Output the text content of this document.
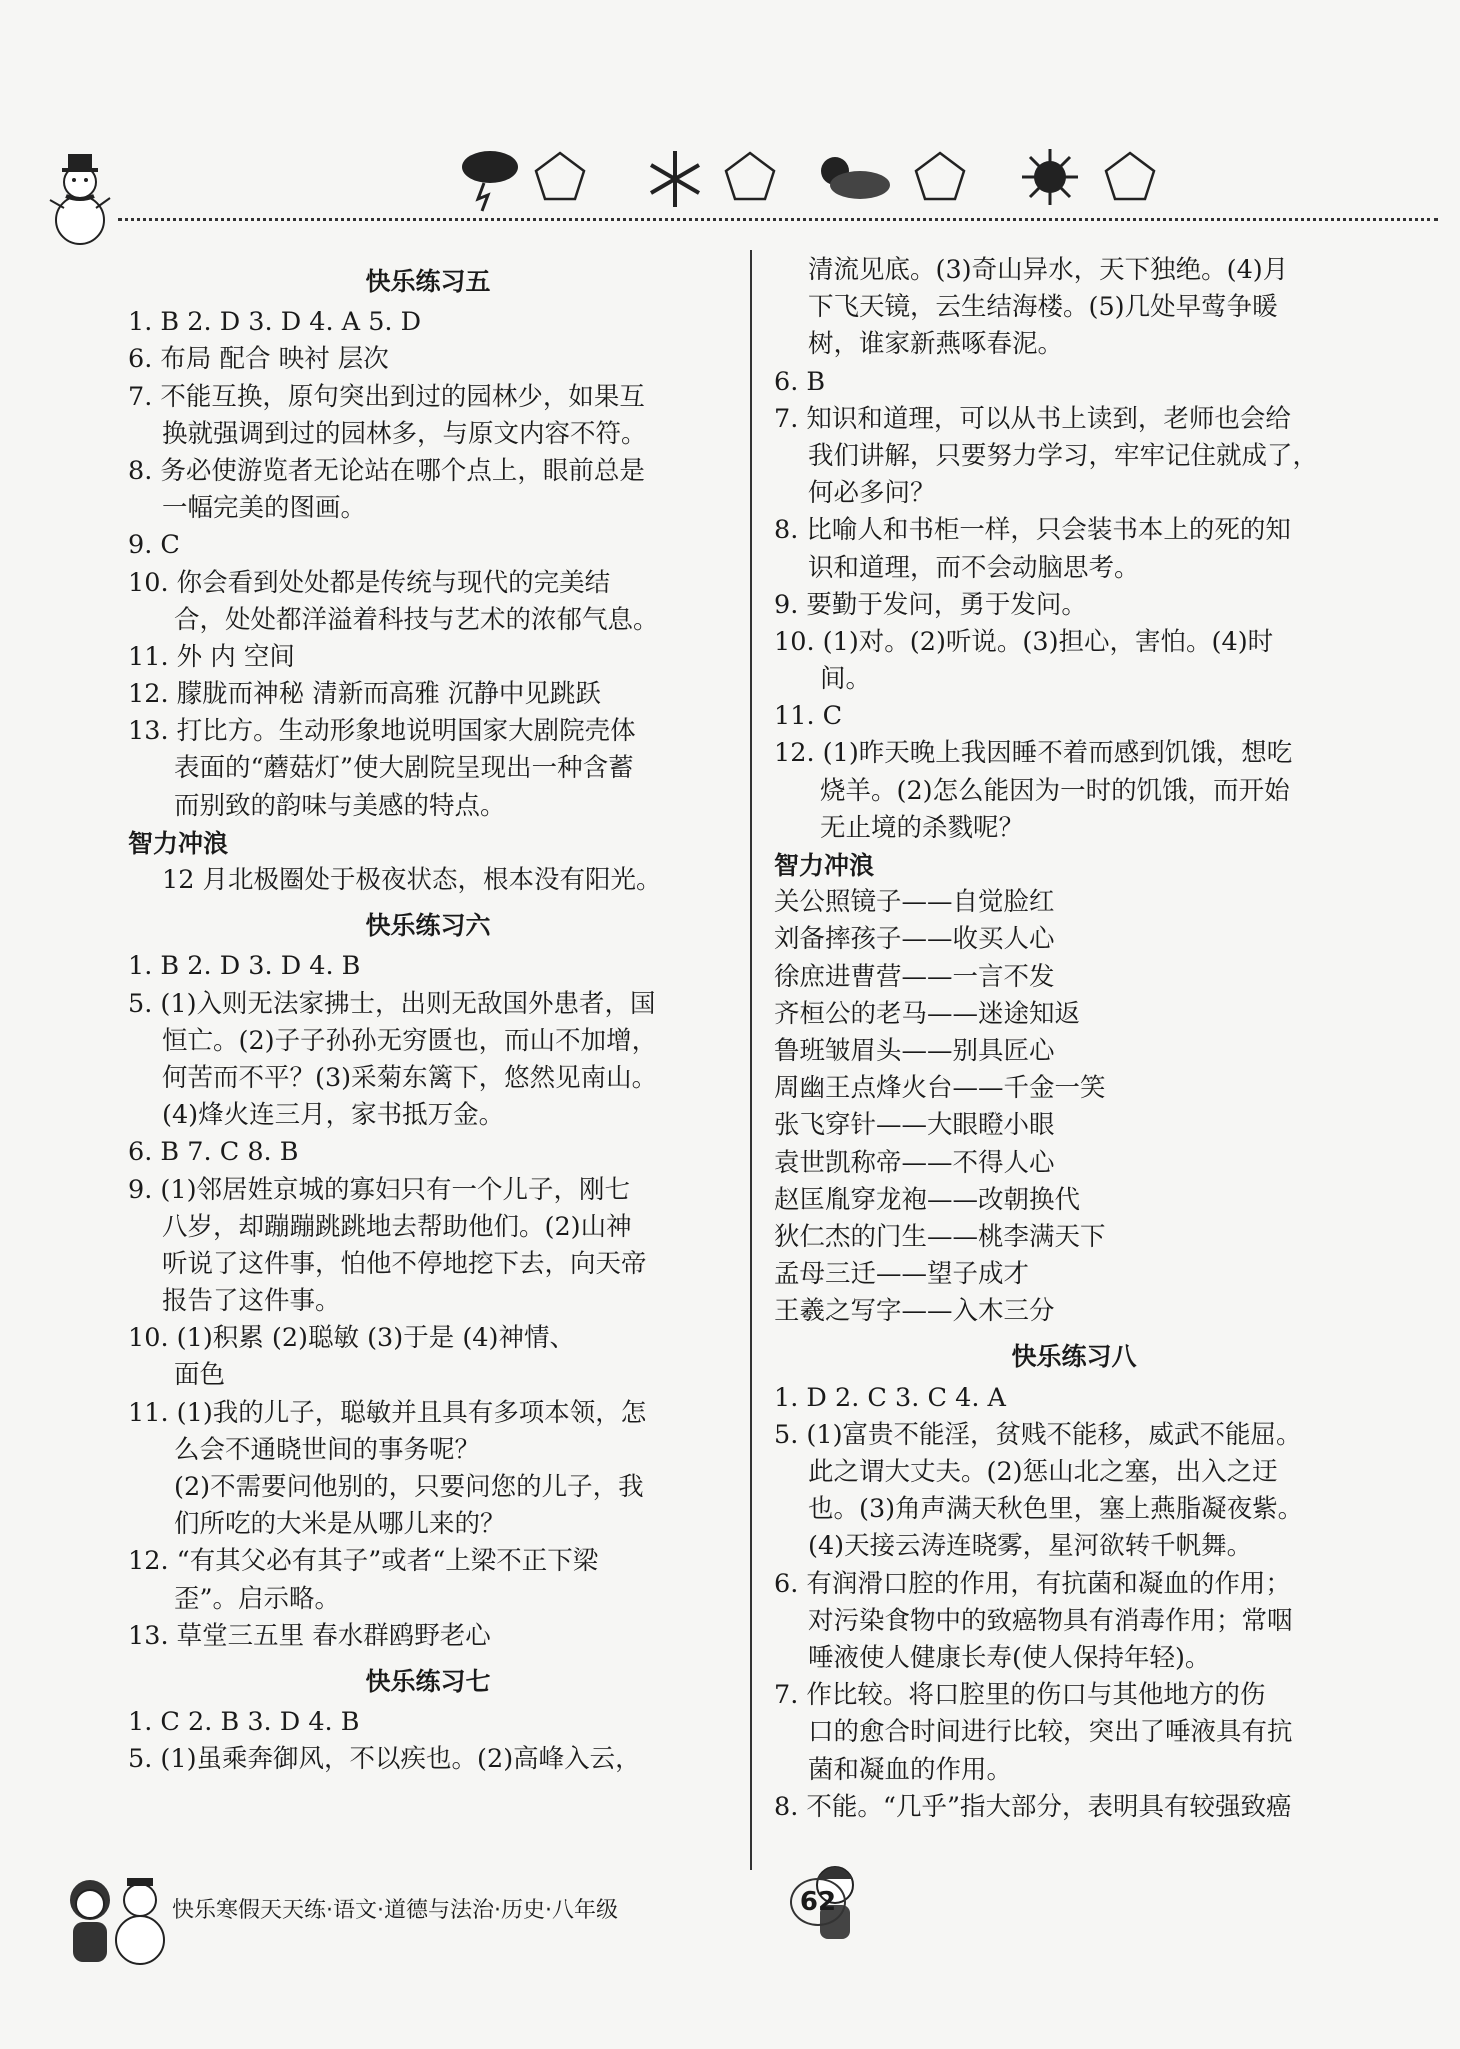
快乐练习五
1. B 2. D 3. D 4. A 5. D
6. 布局 配合 映衬 层次
7. 不能互换，原句突出到过的园林少，如果互
换就强调到过的园林多，与原文内容不符。
8. 务必使游览者无论站在哪个点上，眼前总是
一幅完美的图画。
9. C
10. 你会看到处处都是传统与现代的完美结
合，处处都洋溢着科技与艺术的浓郁气息。
11. 外 内 空间
12. 朦胧而神秘 清新而高雅 沉静中见跳跃
13. 打比方。生动形象地说明国家大剧院壳体
表面的“蘑菇灯”使大剧院呈现出一种含蓄
而别致的韵味与美感的特点。
智力冲浪
12 月北极圈处于极夜状态，根本没有阳光。
快乐练习六
1. B 2. D 3. D 4. B
5. (1)入则无法家拂士，出则无敌国外患者，国
恒亡。(2)子子孙孙无穷匮也，而山不加增，
何苦而不平？(3)采菊东篱下，悠然见南山。
(4)烽火连三月，家书抵万金。
6. B 7. C 8. B
9. (1)邻居姓京城的寡妇只有一个儿子，刚七
八岁，却蹦蹦跳跳地去帮助他们。(2)山神
听说了这件事，怕他不停地挖下去，向天帝
报告了这件事。
10. (1)积累 (2)聪敏 (3)于是 (4)神情、
面色
11. (1)我的儿子，聪敏并且具有多项本领，怎
么会不通晓世间的事务呢？
(2)不需要问他别的，只要问您的儿子，我
们所吃的大米是从哪儿来的？
12. “有其父必有其子”或者“上梁不正下梁
歪”。启示略。
13. 草堂三五里 春水群鸥野老心
快乐练习七
1. C 2. B 3. D 4. B
5. (1)虽乘奔御风，不以疾也。(2)高峰入云，
清流见底。(3)奇山异水，天下独绝。(4)月
下飞天镜，云生结海楼。(5)几处早莺争暖
树，谁家新燕啄春泥。
6. B
7. 知识和道理，可以从书上读到，老师也会给
我们讲解，只要努力学习，牢牢记住就成了，
何必多问？
8. 比喻人和书柜一样，只会装书本上的死的知
识和道理，而不会动脑思考。
9. 要勤于发问，勇于发问。
10. (1)对。(2)听说。(3)担心，害怕。(4)时
间。
11. C
12. (1)昨天晚上我因睡不着而感到饥饿，想吃
烧羊。(2)怎么能因为一时的饥饿，而开始
无止境的杀戮呢？
智力冲浪
关公照镜子——自觉脸红
刘备摔孩子——收买人心
徐庶进曹营——一言不发
齐桓公的老马——迷途知返
鲁班皱眉头——别具匠心
周幽王点烽火台——千金一笑
张飞穿针——大眼瞪小眼
袁世凯称帝——不得人心
赵匡胤穿龙袍——改朝换代
狄仁杰的门生——桃李满天下
孟母三迁——望子成才
王羲之写字——入木三分
快乐练习八
1. D 2. C 3. C 4. A
5. (1)富贵不能淫，贫贱不能移，威武不能屈。
此之谓大丈夫。(2)惩山北之塞，出入之迂
也。(3)角声满天秋色里，塞上燕脂凝夜紫。
(4)天接云涛连晓雾，星河欲转千帆舞。
6. 有润滑口腔的作用，有抗菌和凝血的作用；
对污染食物中的致癌物具有消毒作用；常咽
唾液使人健康长寿(使人保持年轻)。
7. 作比较。将口腔里的伤口与其他地方的伤
口的愈合时间进行比较，突出了唾液具有抗
菌和凝血的作用。
8. 不能。“几乎”指大部分，表明具有较强致癌
快乐寒假天天练·语文·道德与法治·历史·八年级	62
